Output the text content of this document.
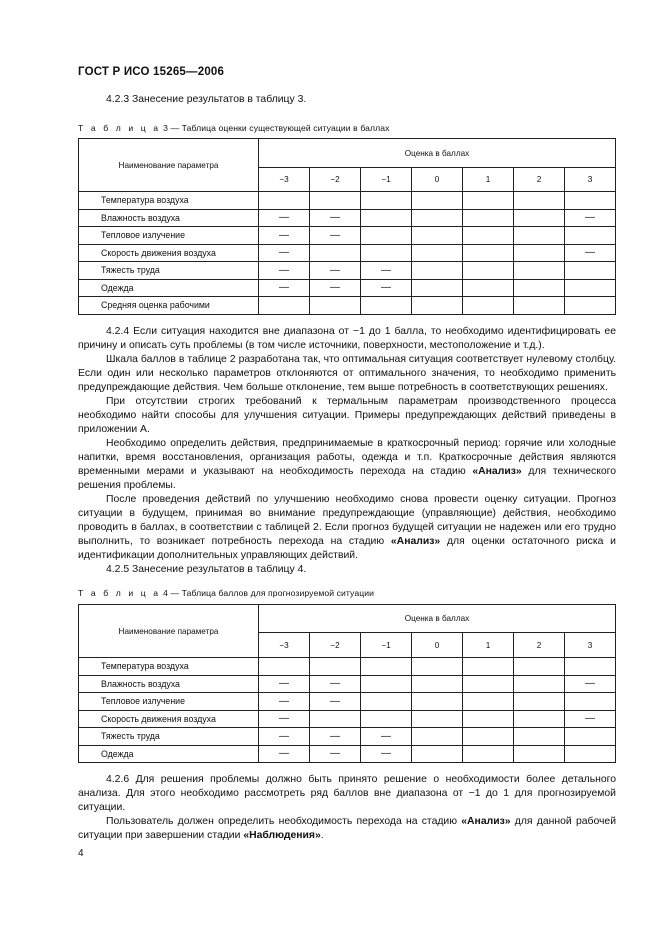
ГОСТ Р ИСО 15265—2006
4.2.3 Занесение результатов в таблицу 3.
Т а б л и ц а 3 — Таблица оценки существующей ситуации в баллах
Наименование параметра	Оценка в баллах						
	−3	−2	−1	0	1	2	3
Температура воздуха							
Влажность воздуха	—	—					—
Тепловое излучение	—	—					
Скорость движения воздуха	—						—
Тяжесть труда	—	—	—				
Одежда	—	—	—				
Средняя оценка рабочими							

4.2.4 Если ситуация находится вне диапазона от −1 до 1 балла, то необходимо идентифицировать ее причину и описать суть проблемы (в том числе источники, поверхности, местоположение и т.д.).

Шкала баллов в таблице 2 разработана так, что оптимальная ситуация соответствует нулевому столбцу. Если один или несколько параметров отклоняются от оптимального значения, то необходимо применить предупреждающие действия. Чем больше отклонение, тем выше потребность в соответствующих решениях.

При отсутствии строгих требований к термальным параметрам производственного процесса необходимо найти способы для улучшения ситуации. Примеры предупреждающих действий приведены в приложении А.

Необходимо определить действия, предпринимаемые в краткосрочный период: горячие или холодные напитки, время восстановления, организация работы, одежда и т.п. Краткосрочные действия являются временными мерами и указывают на необходимость перехода на стадию «Анализ» для технического решения проблемы.

После проведения действий по улучшению необходимо снова провести оценку ситуации. Прогноз ситуации в будущем, принимая во внимание предупреждающие (управляющие) действия, необходимо проводить в баллах, в соответствии с таблицей 2. Если прогноз будущей ситуации не надежен или его трудно выполнить, то возникает потребность перехода на стадию «Анализ» для оценки остаточного риска и идентификации дополнительных управляющих действий.

4.2.5 Занесение результатов в таблицу 4.

Т а б л и ц а 4 — Таблица баллов для прогнозируемой ситуации
Наименование параметра	Оценка в баллах						
	−3	−2	−1	0	1	2	3
Температура воздуха							
Влажность воздуха	—	—					—
Тепловое излучение	—	—					
Скорость движения воздуха	—						—
Тяжесть труда	—	—	—				
Одежда	—	—	—				

4.2.6 Для решения проблемы должно быть принято решение о необходимости более детального анализа. Для этого необходимо рассмотреть ряд баллов вне диапазона от −1 до 1 для прогнозируемой ситуации.

Пользователь должен определить необходимость перехода на стадию «Анализ» для данной рабочей ситуации при завершении стадии «Наблюдения».

4
